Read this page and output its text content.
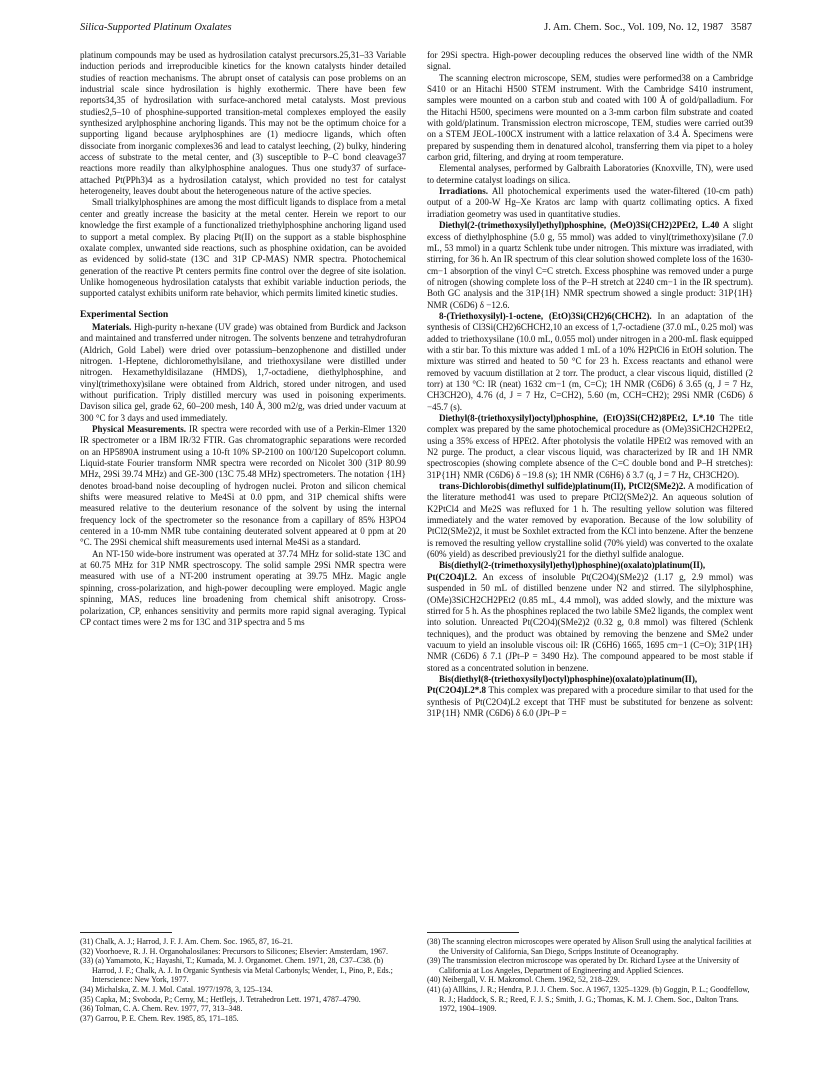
Silica-Supported Platinum Oxalates	J. Am. Chem. Soc., Vol. 109, No. 12, 1987 3587

platinum compounds may be used as hydrosilation catalyst precursors.25,31–33 Variable induction periods and irreproducible kinetics for the known catalysts hinder detailed studies of reaction mechanisms. The abrupt onset of catalysis can pose problems on an industrial scale since hydrosilation is highly exothermic. There have been few reports34,35 of hydrosilation with surface-anchored metal catalysts. Most previous studies2,5–10 of phosphine-supported transition-metal complexes employed the easily synthesized arylphosphine anchoring ligands. This may not be the optimum choice for a supporting ligand because arylphosphines are (1) mediocre ligands, which often dissociate from inorganic complexes36 and lead to catalyst leeching, (2) bulky, hindering access of substrate to the metal center, and (3) susceptible to P–C bond cleavage37 reactions more readily than alkylphosphine analogues. Thus one study37 of surface-attached Pt(PPh3)4 as a hydrosilation catalyst, which provided no test for catalyst heterogeneity, leaves doubt about the heterogeneous nature of the active species.

Small trialkylphosphines are among the most difficult ligands to displace from a metal center and greatly increase the basicity at the metal center. Herein we report to our knowledge the first example of a functionalized triethylphosphine anchoring ligand used to support a metal complex. By placing Pt(II) on the support as a stable bisphosphine oxalate complex, unwanted side reactions, such as phosphine oxidation, can be avoided as evidenced by solid-state (13C and 31P CP-MAS) NMR spectra. Photochemical generation of the reactive Pt centers permits fine control over the degree of site isolation. Unlike homogeneous hydrosilation catalysts that exhibit variable induction periods, the supported catalyst exhibits uniform rate behavior, which permits limited kinetic studies.

Experimental Section

Materials. High-purity n-hexane (UV grade) was obtained from Burdick and Jackson and maintained and transferred under nitrogen. The solvents benzene and tetrahydrofuran (Aldrich, Gold Label) were dried over potassium–benzophenone and distilled under nitrogen. 1-Heptene, dichloromethylsilane, and triethoxysilane were distilled under nitrogen. Hexamethyldisilazane (HMDS), 1,7-octadiene, diethylphosphine, and vinyl(trimethoxy)silane were obtained from Aldrich, stored under nitrogen, and used without purification. Triply distilled mercury was used in poisoning experiments. Davison silica gel, grade 62, 60–200 mesh, 140 Å, 300 m2/g, was dried under vacuum at 300 °C for 3 days and used immediately.

Physical Measurements. IR spectra were recorded with use of a Perkin-Elmer 1320 IR spectrometer or a IBM IR/32 FTIR. Gas chromatographic separations were recorded on an HP5890A instrument using a 10-ft 10% SP-2100 on 100/120 Supelcoport column. Liquid-state Fourier transform NMR spectra were recorded on Nicolet 300 (31P 80.99 MHz, 29Si 39.74 MHz) and GE-300 (13C 75.48 MHz) spectrometers. The notation {1H} denotes broad-band noise decoupling of hydrogen nuclei. Proton and silicon chemical shifts were measured relative to Me4Si at 0.0 ppm, and 31P chemical shifts were measured relative to the deuterium resonance of the solvent by using the internal frequency lock of the spectrometer so the resonance from a capillary of 85% H3PO4 centered in a 10-mm NMR tube containing deuterated solvent appeared at 0 ppm at 20 °C. The 29Si chemical shift measurements used internal Me4Si as a standard.

An NT-150 wide-bore instrument was operated at 37.74 MHz for solid-state 13C and at 60.75 MHz for 31P NMR spectroscopy. The solid sample 29Si NMR spectra were measured with use of a NT-200 instrument operating at 39.75 MHz. Magic angle spinning, cross-polarization, and high-power decoupling were employed. Magic angle spinning, MAS, reduces line broadening from chemical shift anisotropy. Cross-polarization, CP, enhances sensitivity and permits more rapid signal averaging. Typical CP contact times were 2 ms for 13C and 31P spectra and 5 ms

for 29Si spectra. High-power decoupling reduces the observed line width of the NMR signal.

The scanning electron microscope, SEM, studies were performed38 on a Cambridge S410 or an Hitachi H500 STEM instrument. With the Cambridge S410 instrument, samples were mounted on a carbon stub and coated with 100 Å of gold/palladium. For the Hitachi H500, specimens were mounted on a 3-mm carbon film substrate and coated with gold/platinum. Transmission electron microscope, TEM, studies were carried out39 on a STEM JEOL-100CX instrument with a lattice relaxation of 3.4 Å. Specimens were prepared by suspending them in denatured alcohol, transferring them via pipet to a holey carbon grid, filtering, and drying at room temperature.

Elemental analyses, performed by Galbraith Laboratories (Knoxville, TN), were used to determine catalyst loadings on silica.

Irradiations. All photochemical experiments used the water-filtered (10-cm path) output of a 200-W Hg–Xe Kratos arc lamp with quartz collimating optics. A fixed irradiation geometry was used in quantitative studies.

Diethyl(2-(trimethoxysilyl)ethyl)phosphine, (MeO)3Si(CH2)2PEt2, L.40 A slight excess of diethylphosphine (5.0 g, 55 mmol) was added to vinyl(trimethoxy)silane (7.0 mL, 53 mmol) in a quartz Schlenk tube under nitrogen. This mixture was irradiated, with stirring, for 36 h. An IR spectrum of this clear solution showed complete loss of the 1630-cm−1 absorption of the vinyl C=C stretch. Excess phosphine was removed under a purge of nitrogen (showing complete loss of the P–H stretch at 2240 cm−1 in the IR spectrum). Both GC analysis and the 31P{1H} NMR spectrum showed a single product: 31P{1H} NMR (C6D6) δ −12.6.

8-(Triethoxysilyl)-1-octene, (EtO)3Si(CH2)6(CHCH2). In an adaptation of the synthesis of Cl3Si(CH2)6CHCH2,10 an excess of 1,7-octadiene (37.0 mL, 0.25 mol) was added to triethoxysilane (10.0 mL, 0.055 mol) under nitrogen in a 200-mL flask equipped with a stir bar. To this mixture was added 1 mL of a 10% H2PtCl6 in EtOH solution. The mixture was stirred and heated to 50 °C for 23 h. Excess reactants and ethanol were removed by vacuum distillation at 2 torr. The product, a clear viscous liquid, distilled (2 torr) at 130 °C: IR (neat) 1632 cm−1 (m, C=C); 1H NMR (C6D6) δ 3.65 (q, J = 7 Hz, CH3CH2O), 4.76 (d, J = 7 Hz, C=CH2), 5.60 (m, CCH=CH2); 29Si NMR (C6D6) δ −45.7 (s).

Diethyl(8-(triethoxysilyl)octyl)phosphine, (EtO)3Si(CH2)8PEt2, L*.10 The title complex was prepared by the same photochemical procedure as (OMe)3SiCH2CH2PEt2, using a 35% excess of HPEt2. After photolysis the volatile HPEt2 was removed with an N2 purge. The product, a clear viscous liquid, was characterized by IR and 1H NMR spectroscopies (showing complete absence of the C=C double bond and P–H stretches): 31P{1H} NMR (C6D6) δ −19.8 (s); 1H NMR (C6H6) δ 3.7 (q, J = 7 Hz, CH3CH2O).

trans-Dichlorobis(dimethyl sulfide)platinum(II), PtCl2(SMe2)2. A modification of the literature method41 was used to prepare PtCl2(SMe2)2. An aqueous solution of K2PtCl4 and Me2S was refluxed for 1 h. The resulting yellow solution was filtered immediately and the water removed by evaporation. Because of the low solubility of PtCl2(SMe2)2, it must be Soxhlet extracted from the KCl into benzene. After the benzene is removed the resulting yellow crystalline solid (70% yield) was converted to the oxalate (60% yield) as described previously21 for the diethyl sulfide analogue.

Bis(diethyl(2-(trimethoxysilyl)ethyl)phosphine)(oxalato)platinum(II), Pt(C2O4)L2. An excess of insoluble Pt(C2O4)(SMe2)2 (1.17 g, 2.9 mmol) was suspended in 50 mL of distilled benzene under N2 and stirred. The silylphosphine, (OMe)3SiCH2CH2PEt2 (0.85 mL, 4.4 mmol), was added slowly, and the mixture was stirred for 5 h. As the phosphines replaced the two labile SMe2 ligands, the complex went into solution. Unreacted Pt(C2O4)(SMe2)2 (0.32 g, 0.8 mmol) was filtered (Schlenk techniques), and the product was obtained by removing the benzene and SMe2 under vacuum to yield an insoluble viscous oil: IR (C6H6) 1665, 1695 cm−1 (C=O); 31P{1H} NMR (C6D6) δ 7.1 (JPt–P = 3490 Hz). The compound appeared to be most stable if stored as a concentrated solution in benzene.

Bis(diethyl(8-(triethoxysilyl)octyl)phosphine)(oxalato)platinum(II), Pt(C2O4)L2*.8 This complex was prepared with a procedure similar to that used for the synthesis of Pt(C2O4)L2 except that THF must be substituted for benzene as solvent: 31P{1H} NMR (C6D6) δ 6.0 (JPt–P =

(31) Chalk, A. J.; Harrod, J. F. J. Am. Chem. Soc. 1965, 87, 16–21.
(32) Voorhoeve, R. J. H. Organohalosilanes: Precursors to Silicones; Elsevier: Amsterdam, 1967.
(33) (a) Yamamoto, K.; Hayashi, T.; Kumada, M. J. Organomet. Chem. 1971, 28, C37–C38. (b) Harrod, J. F.; Chalk, A. J. In Organic Synthesis via Metal Carbonyls; Wender, I., Pino, P., Eds.; Interscience: New York, 1977.
(34) Michalska, Z. M. J. Mol. Catal. 1977/1978, 3, 125–134.
(35) Capka, M.; Svoboda, P.; Cerny, M.; Hetflejs, J. Tetrahedron Lett. 1971, 4787–4790.
(36) Tolman, C. A. Chem. Rev. 1977, 77, 313–348.
(37) Garrou, P. E. Chem. Rev. 1985, 85, 171–185.
(38) The scanning electron microscopes were operated by Alison Srull using the analytical facilities at the University of California, San Diego, Scripps Institute of Oceanography.
(39) The transmission electron microscope was operated by Dr. Richard Lysee at the University of California at Los Angeles, Department of Engineering and Applied Sciences.
(40) Neibergall, V. H. Makromol. Chem. 1962, 52, 218–229.
(41) (a) Allkins, J. R.; Hendra, P. J. J. Chem. Soc. A 1967, 1325–1329. (b) Goggin, P. L.; Goodfellow, R. J.; Haddock, S. R.; Reed, F. J. S.; Smith, J. G.; Thomas, K. M. J. Chem. Soc., Dalton Trans. 1972, 1904–1909.
